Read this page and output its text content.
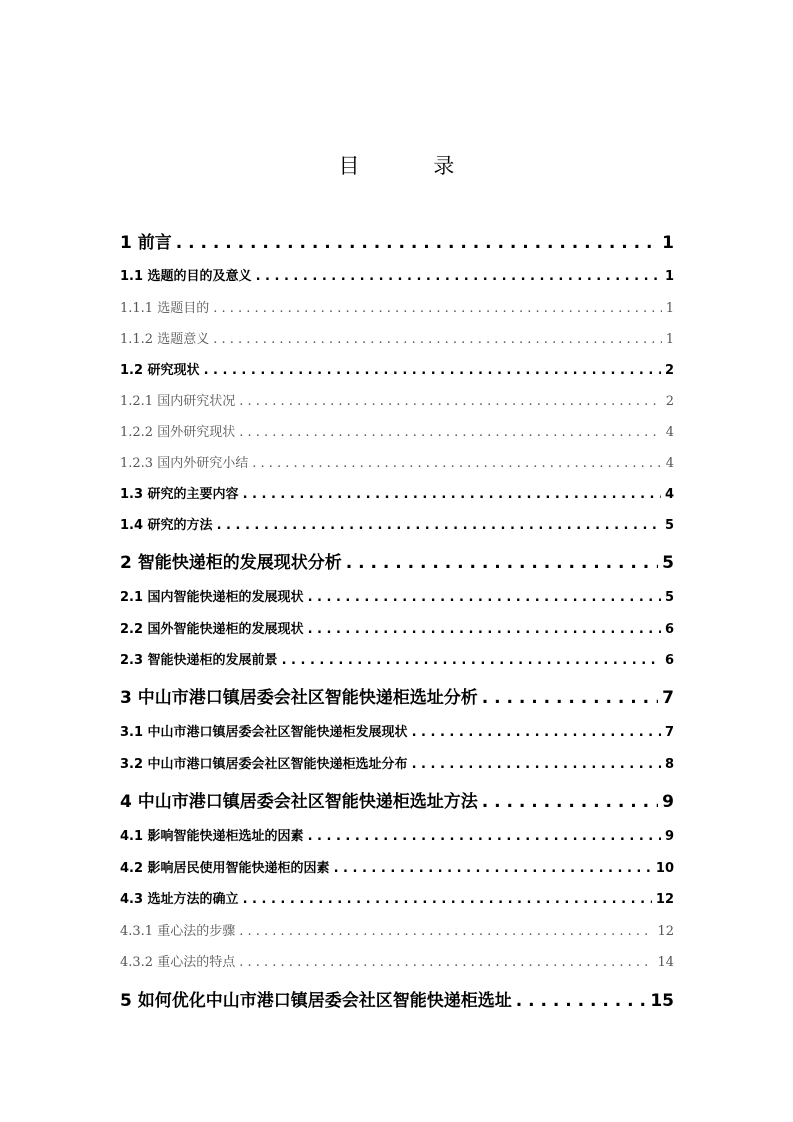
目 录
1 前言 . . .	1
1.1 选题的目的及意义 . . .	1
1.1.1 选题目的 . . .	1
1.1.2 选题意义 . . .	1
1.2 研究现状 . . .	2
1.2.1 国内研究状况 . . .	2
1.2.2 国外研究现状 . . .	4
1.2.3 国内外研究小结 . . .	4
1.3 研究的主要内容 . . .	4
1.4 研究的方法 . . .	5
2 智能快递柜的发展现状分析 . . .	5
2.1 国内智能快递柜的发展现状 . . .	5
2.2 国外智能快递柜的发展现状 . . .	6
2.3 智能快递柜的发展前景 . . .	6
3 中山市港口镇居委会社区智能快递柜选址分析 . . .	7
3.1 中山市港口镇居委会社区智能快递柜发展现状 . . .	7
3.2 中山市港口镇居委会社区智能快递柜选址分布 . . .	8
4 中山市港口镇居委会社区智能快递柜选址方法 . . .	9
4.1 影响智能快递柜选址的因素 . . .	9
4.2 影响居民使用智能快递柜的因素 . . .	10
4.3 选址方法的确立 . . .	12
4.3.1 重心法的步骤 . . .	12
4.3.2 重心法的特点 . . .	14
5 如何优化中山市港口镇居委会社区智能快递柜选址 . . .	15
